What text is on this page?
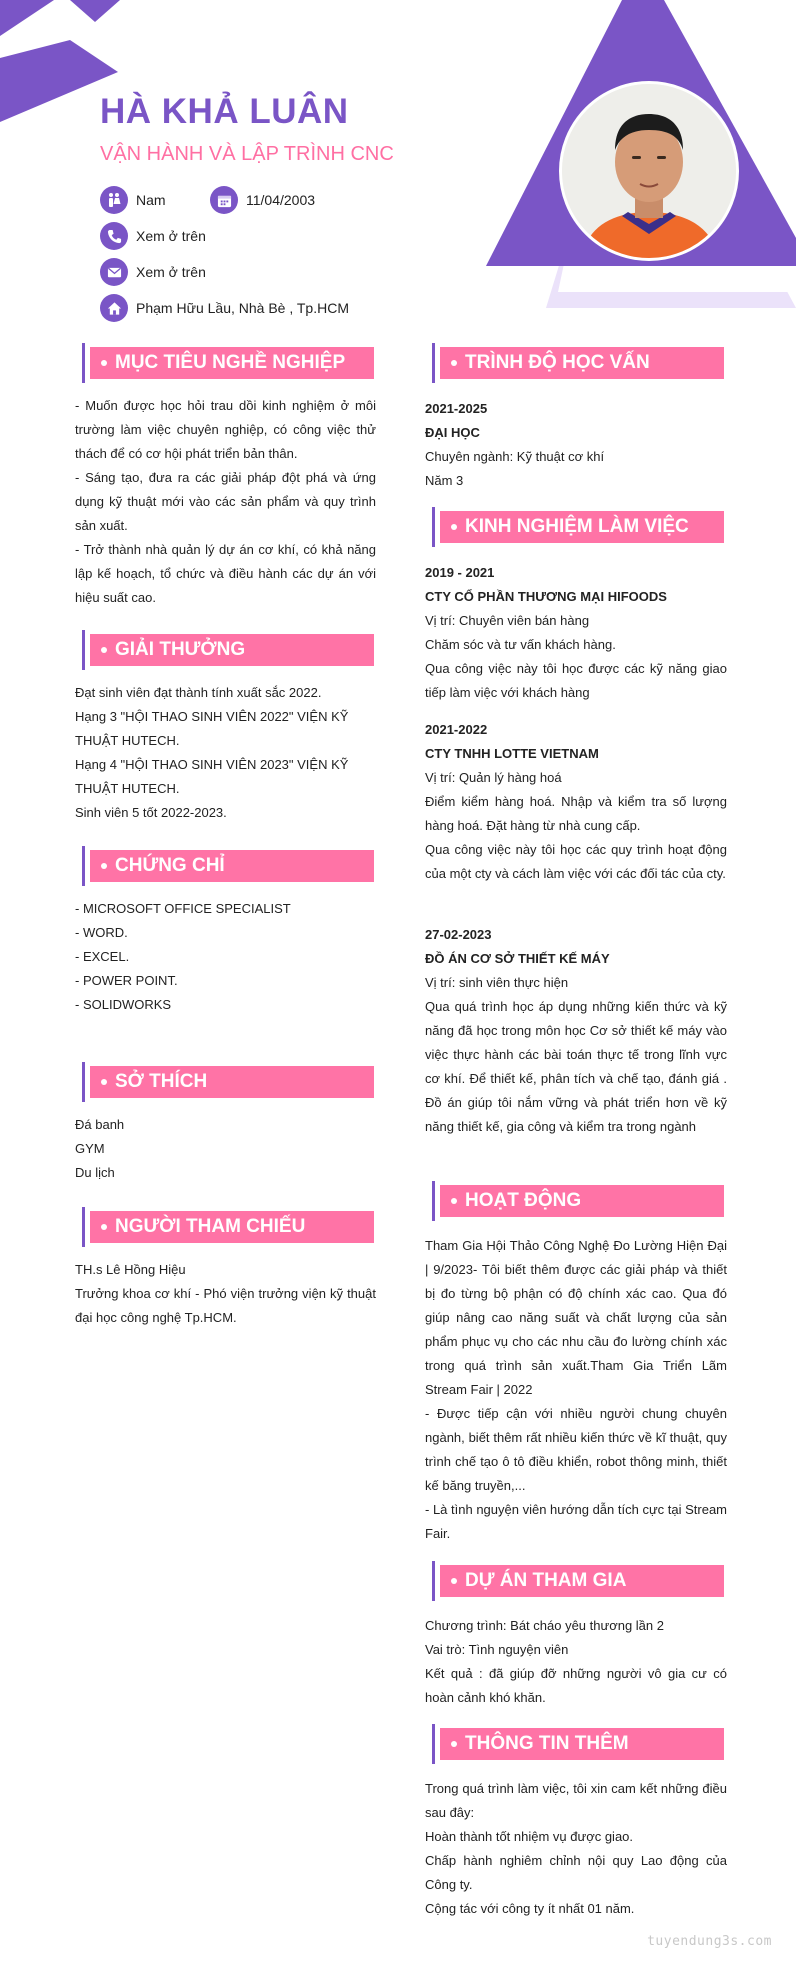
HÀ KHẢ LUÂN
VẬN HÀNH VÀ LẬP TRÌNH CNC
Nam	11/04/2003
Xem ở trên
Xem ở trên
Phạm Hữu Lầu, Nhà Bè , Tp.HCM
MỤC TIÊU NGHỀ NGHIỆP

- Muốn được học hỏi trau dồi kinh nghiệm ở môi trường làm việc chuyên nghiệp, có công việc thử thách để có cơ hội phát triển bản thân.

- Sáng tạo, đưa ra các giải pháp đột phá và ứng dụng kỹ thuật mới vào các sản phẩm và quy trình sản xuất.

- Trở thành nhà quản lý dự án cơ khí, có khả năng lập kế hoạch, tổ chức và điều hành các dự án với hiệu suất cao.

GIẢI THƯỞNG

Đạt sinh viên đạt thành tính xuất sắc 2022.

Hạng 3 "HỘI THAO SINH VIÊN 2022" VIỆN KỸ THUẬT HUTECH.

Hạng 4 "HỘI THAO SINH VIÊN 2023" VIỆN KỸ THUẬT HUTECH.

Sinh viên 5 tốt 2022-2023.

CHỨNG CHỈ

- MICROSOFT OFFICE SPECIALIST

- WORD.

- EXCEL.

- POWER POINT.

- SOLIDWORKS

SỞ THÍCH

Đá banh

GYM

Du lịch

NGƯỜI THAM CHIẾU

TH.s Lê Hồng Hiệu

Trưởng khoa cơ khí - Phó viện trưởng viện kỹ thuật đại học công nghệ Tp.HCM.

TRÌNH ĐỘ HỌC VẤN

2021-2025

ĐẠI HỌC

Chuyên ngành: Kỹ thuật cơ khí

Năm 3

KINH NGHIỆM LÀM VIỆC

2019 - 2021

CTY CỔ PHẦN THƯƠNG MẠI HIFOODS

Vị trí: Chuyên viên bán hàng

Chăm sóc và tư vấn khách hàng.

Qua công việc này tôi học được các kỹ năng giao tiếp làm việc với khách hàng

2021-2022

CTY TNHH LOTTE VIETNAM

Vị trí: Quản lý hàng hoá

Điểm kiểm hàng hoá. Nhập và kiểm tra số lượng hàng hoá. Đặt hàng từ nhà cung cấp.

Qua công việc này tôi học các quy trình hoạt động của một cty và cách làm việc với các đối tác của cty.

27-02-2023

ĐỒ ÁN CƠ SỞ THIẾT KẾ MÁY

Vị trí: sinh viên thực hiện

Qua quá trình học áp dụng những kiến thức và kỹ năng đã học trong môn học Cơ sở thiết kế máy vào việc thực hành các bài toán thực tế trong lĩnh vực cơ khí. Để thiết kế, phân tích và chế tạo, đánh giá . Đồ án giúp tôi nắm vững và phát triển hơn về kỹ năng thiết kế, gia công và kiểm tra trong ngành

HOẠT ĐỘNG

Tham Gia Hội Thảo Công Nghệ Đo Lường Hiện Đại | 9/2023- Tôi biết thêm được các giải pháp và thiết bị đo từng bộ phận có độ chính xác cao. Qua đó giúp nâng cao năng suất và chất lượng của sản phẩm phục vụ cho các nhu cầu đo lường chính xác trong quá trình sản xuất.Tham Gia Triển Lãm Stream Fair | 2022

- Được tiếp cận với nhiều người chung chuyên ngành, biết thêm rất nhiều kiến thức về kĩ thuật, quy trình chế tạo ô tô điều khiển, robot thông minh, thiết kế băng truyền,...

- Là tình nguyện viên hướng dẫn tích cực tại Stream Fair.

DỰ ÁN THAM GIA

Chương trình: Bát cháo yêu thương lần 2

Vai trò: Tình nguyện viên

Kết quả : đã giúp đỡ những người vô gia cư có hoàn cảnh khó khăn.

THÔNG TIN THÊM

Trong quá trình làm việc, tôi xin cam kết những điều sau đây:

Hoàn thành tốt nhiệm vụ được giao.

Chấp hành nghiêm chỉnh nội quy Lao động của Công ty.

Cộng tác với công ty ít nhất 01 năm.

tuyendung3s.com
